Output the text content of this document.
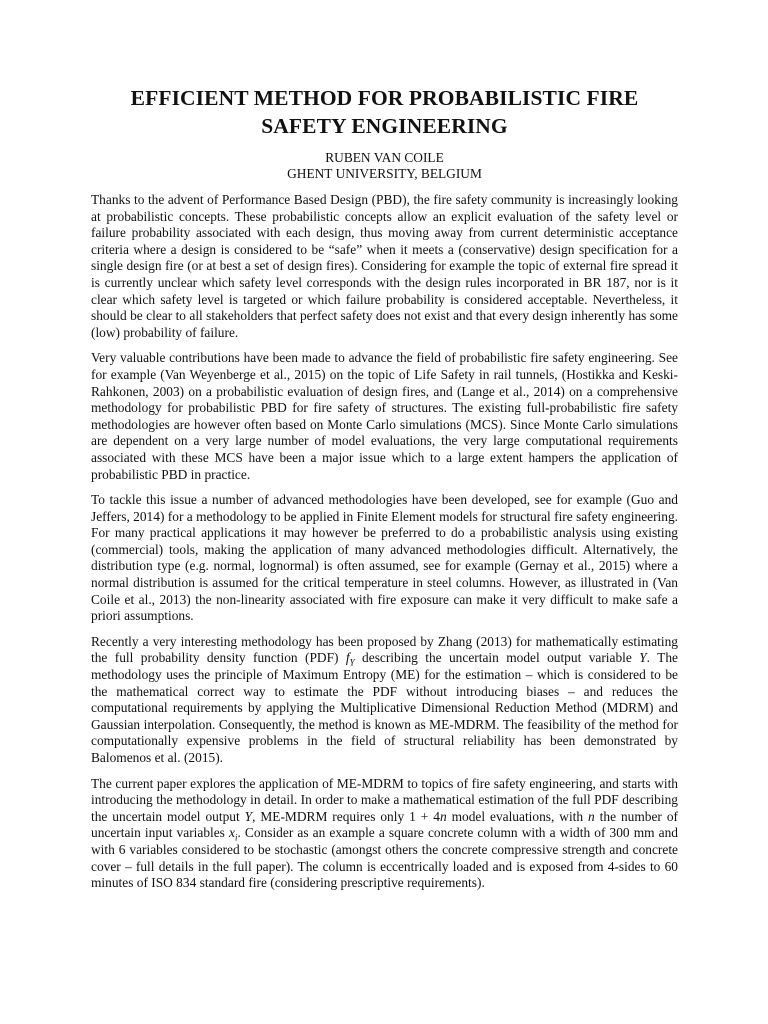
EFFICIENT METHOD FOR PROBABILISTIC FIRE
SAFETY ENGINEERING
RUBEN VAN COILE
GHENT UNIVERSITY, BELGIUM

Thanks to the advent of Performance Based Design (PBD), the fire safety community is increasingly looking at probabilistic concepts. These probabilistic concepts allow an explicit evaluation of the safety level or failure probability associated with each design, thus moving away from current deterministic acceptance criteria where a design is considered to be “safe” when it meets a (conservative) design specification for a single design fire (or at best a set of design fires). Considering for example the topic of external fire spread it is currently unclear which safety level corresponds with the design rules incorporated in BR 187, nor is it clear which safety level is targeted or which failure probability is considered acceptable. Nevertheless, it should be clear to all stakeholders that perfect safety does not exist and that every design inherently has some (low) probability of failure.

Very valuable contributions have been made to advance the field of probabilistic fire safety engineering. See for example (Van Weyenberge et al., 2015) on the topic of Life Safety in rail tunnels, (Hostikka and Keski-Rahkonen, 2003) on a probabilistic evaluation of design fires, and (Lange et al., 2014) on a comprehensive methodology for probabilistic PBD for fire safety of structures. The existing full-probabilistic fire safety methodologies are however often based on Monte Carlo simulations (MCS). Since Monte Carlo simulations are dependent on a very large number of model evaluations, the very large computational requirements associated with these MCS have been a major issue which to a large extent hampers the application of probabilistic PBD in practice.

To tackle this issue a number of advanced methodologies have been developed, see for example (Guo and Jeffers, 2014) for a methodology to be applied in Finite Element models for structural fire safety engineering. For many practical applications it may however be preferred to do a probabilistic analysis using existing (commercial) tools, making the application of many advanced methodologies difficult. Alternatively, the distribution type (e.g. normal, lognormal) is often assumed, see for example (Gernay et al., 2015) where a normal distribution is assumed for the critical temperature in steel columns. However, as illustrated in (Van Coile et al., 2013) the non-linearity associated with fire exposure can make it very difficult to make safe a priori assumptions.

Recently a very interesting methodology has been proposed by Zhang (2013) for mathematically estimating the full probability density function (PDF) $f_Y$ describing the uncertain model output variable Y. The methodology uses the principle of Maximum Entropy (ME) for the estimation – which is considered to be the mathematical correct way to estimate the PDF without introducing biases – and reduces the computational requirements by applying the Multiplicative Dimensional Reduction Method (MDRM) and Gaussian interpolation. Consequently, the method is known as ME-MDRM. The feasibility of the method for computationally expensive problems in the field of structural reliability has been demonstrated by Balomenos et al. (2015).

The current paper explores the application of ME-MDRM to topics of fire safety engineering, and starts with introducing the methodology in detail. In order to make a mathematical estimation of the full PDF describing the uncertain model output Y, ME-MDRM requires only 1 + 4n model evaluations, with n the number of uncertain input variables $x_i$. Consider as an example a square concrete column with a width of 300 mm and with 6 variables considered to be stochastic (amongst others the concrete compressive strength and concrete cover – full details in the full paper). The column is eccentrically loaded and is exposed from 4-sides to 60 minutes of ISO 834 standard fire (considering prescriptive requirements).
